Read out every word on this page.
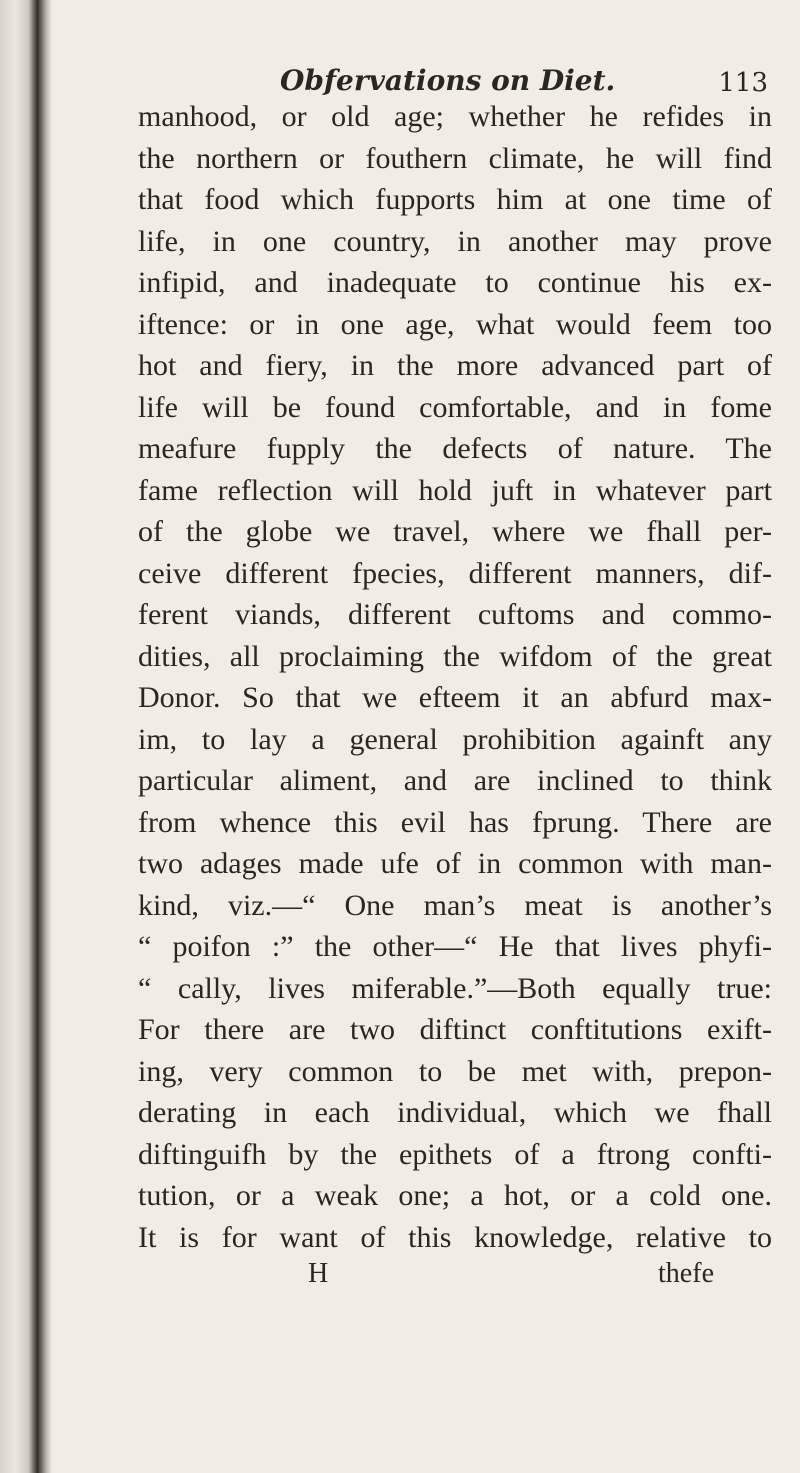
Obfervations on Diet.	113
manhood, or old age; whether he refides in
the northern or fouthern climate, he will find
that food which fupports him at one time of
life, in one country, in another may prove
infipid, and inadequate to continue his ex-
iftence: or in one age, what would feem too
hot and fiery, in the more advanced part of
life will be found comfortable, and in fome
meafure fupply the defects of nature. The
fame reflection will hold juft in whatever part
of the globe we travel, where we fhall per-
ceive different fpecies, different manners, dif-
ferent viands, different cuftoms and commo-
dities, all proclaiming the wifdom of the great
Donor. So that we efteem it an abfurd max-
im, to lay a general prohibition againft any
particular aliment, and are inclined to think
from whence this evil has fprung. There are
two adages made ufe of in common with man-
kind, viz.—“ One man’s meat is another’s
“ poifon :” the other—“ He that lives phyfi-
“ cally, lives miferable.”—Both equally true:
For there are two diftinct conftitutions exift-
ing, very common to be met with, prepon-
derating in each individual, which we fhall
diftinguifh by the epithets of a ftrong confti-
tution, or a weak one; a hot, or a cold one.
It is for want of this knowledge, relative to
H	thefe
